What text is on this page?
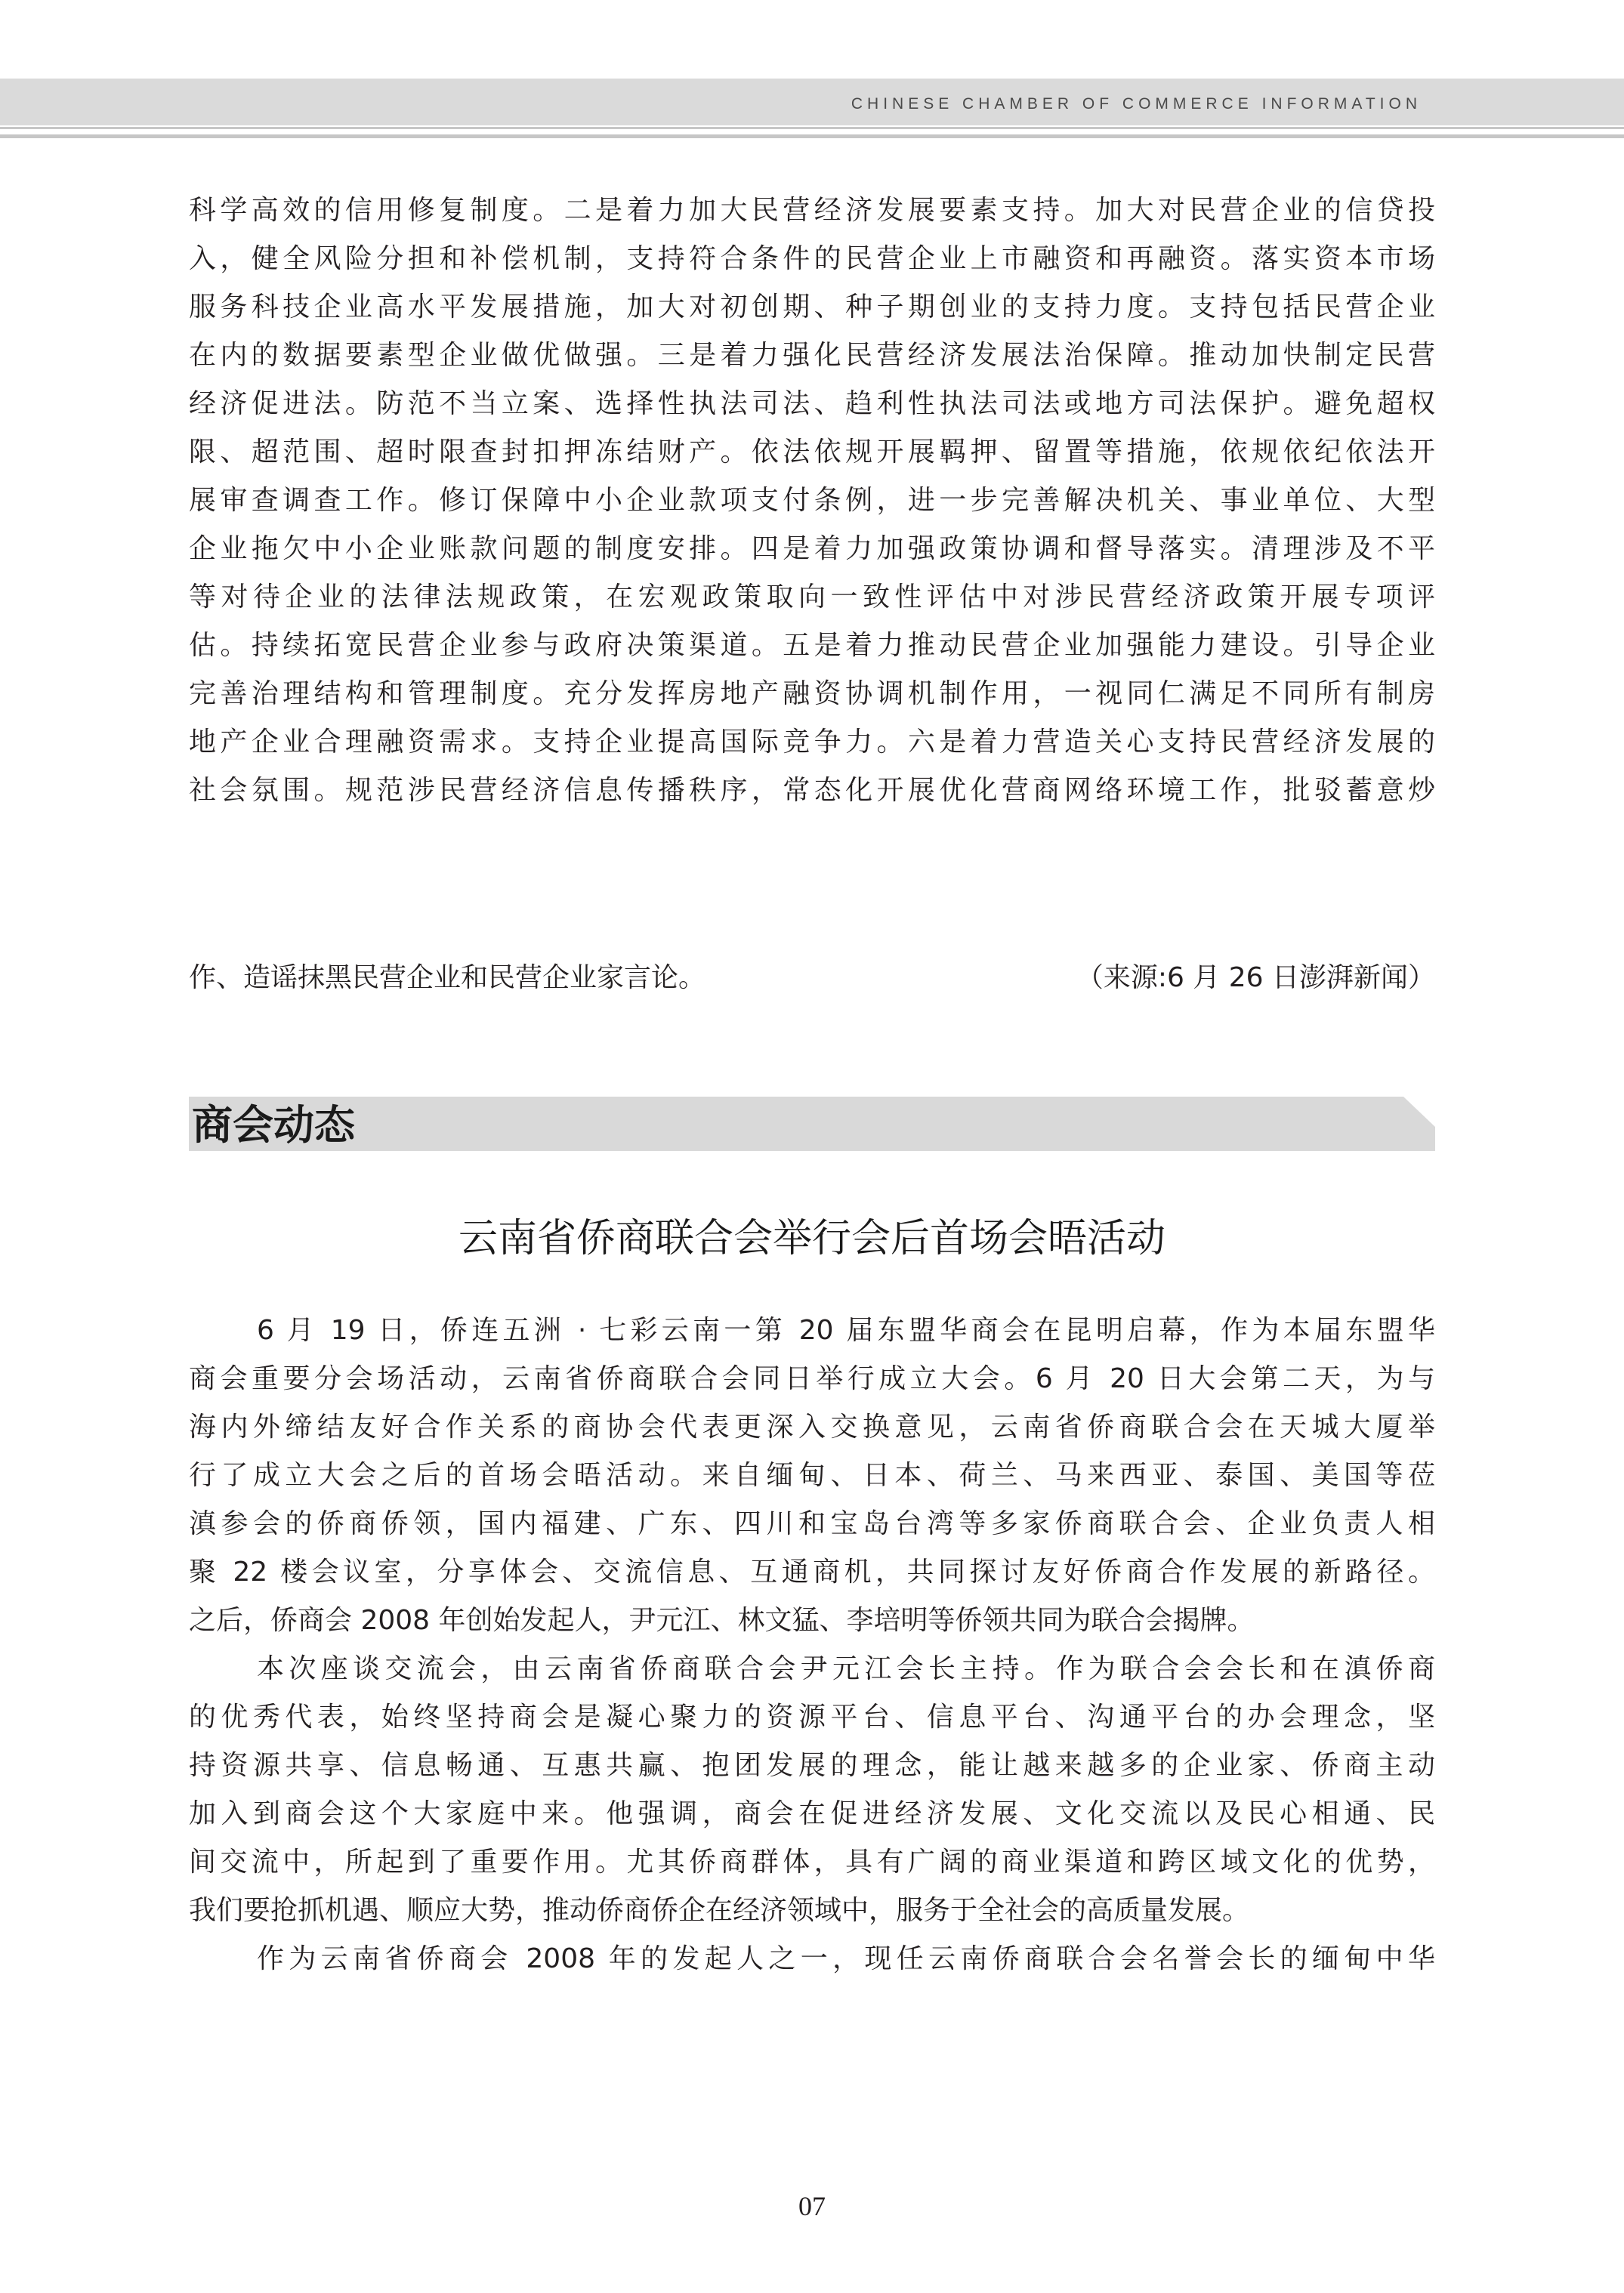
CHINESE CHAMBER OF COMMERCE INFORMATION

科学高效的信用修复制度。二是着力加大民营经济发展要素支持。加大对民营企业的信贷投

入，健全风险分担和补偿机制，支持符合条件的民营企业上市融资和再融资。落实资本市场

服务科技企业高水平发展措施，加大对初创期、种子期创业的支持力度。支持包括民营企业

在内的数据要素型企业做优做强。三是着力强化民营经济发展法治保障。推动加快制定民营

经济促进法。防范不当立案、选择性执法司法、趋利性执法司法或地方司法保护。避免超权

限、超范围、超时限查封扣押冻结财产。依法依规开展羁押、留置等措施，依规依纪依法开

展审查调查工作。修订保障中小企业款项支付条例，进一步完善解决机关、事业单位、大型

企业拖欠中小企业账款问题的制度安排。四是着力加强政策协调和督导落实。清理涉及不平

等对待企业的法律法规政策，在宏观政策取向一致性评估中对涉民营经济政策开展专项评

估。持续拓宽民营企业参与政府决策渠道。五是着力推动民营企业加强能力建设。引导企业

完善治理结构和管理制度。充分发挥房地产融资协调机制作用，一视同仁满足不同所有制房

地产企业合理融资需求。支持企业提高国际竞争力。六是着力营造关心支持民营经济发展的

社会氛围。规范涉民营经济信息传播秩序，常态化开展优化营商网络环境工作，批驳蓄意炒

作、造谣抹黑民营企业和民营企业家言论。	（来源:6 月 26 日澎湃新闻）
商会动态
云南省侨商联合会举行会后首场会晤活动

6 月 19 日，侨连五洲 · 七彩云南一第 20 届东盟华商会在昆明启幕，作为本届东盟华

商会重要分会场活动，云南省侨商联合会同日举行成立大会。6 月 20 日大会第二天，为与

海内外缔结友好合作关系的商协会代表更深入交换意见，云南省侨商联合会在天城大厦举

行了成立大会之后的首场会晤活动。来自缅甸、日本、荷兰、马来西亚、泰国、美国等莅

滇参会的侨商侨领，国内福建、广东、四川和宝岛台湾等多家侨商联合会、企业负责人相

聚 22 楼会议室，分享体会、交流信息、互通商机，共同探讨友好侨商合作发展的新路径。

之后，侨商会 2008 年创始发起人，尹元江、林文猛、李培明等侨领共同为联合会揭牌。

本次座谈交流会，由云南省侨商联合会尹元江会长主持。作为联合会会长和在滇侨商

的优秀代表，始终坚持商会是凝心聚力的资源平台、信息平台、沟通平台的办会理念，坚

持资源共享、信息畅通、互惠共赢、抱团发展的理念，能让越来越多的企业家、侨商主动

加入到商会这个大家庭中来。他强调，商会在促进经济发展、文化交流以及民心相通、民

间交流中，所起到了重要作用。尤其侨商群体，具有广阔的商业渠道和跨区域文化的优势，

我们要抢抓机遇、顺应大势，推动侨商侨企在经济领域中，服务于全社会的高质量发展。

作为云南省侨商会 2008 年的发起人之一，现任云南侨商联合会名誉会长的缅甸中华

07
